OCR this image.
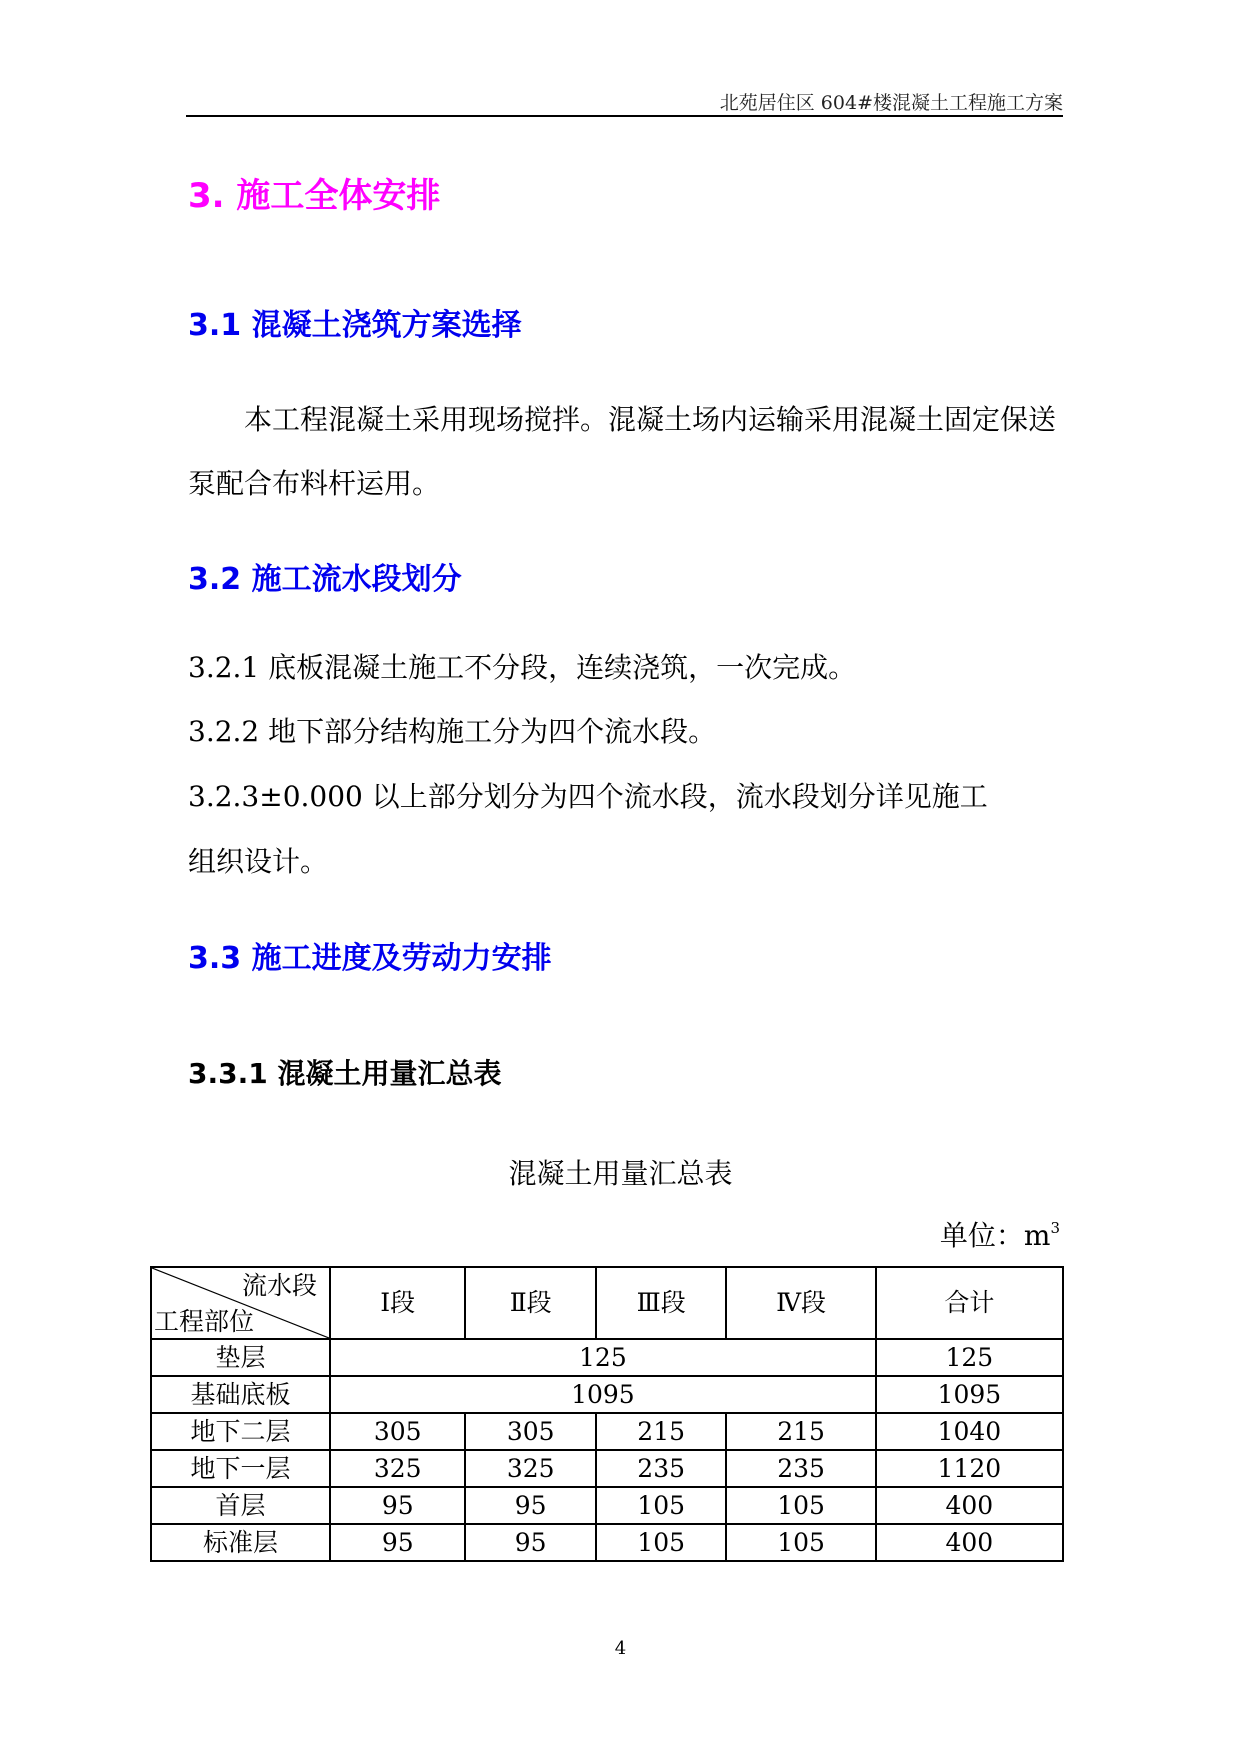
北苑居住区 604#楼混凝土工程施工方案
3. 施工全体安排
3.1 混凝土浇筑方案选择
本工程混凝土采用现场搅拌。混凝土场内运输采用混凝土固定保送泵配合布料杆运用。
3.2 施工流水段划分
3.2.1 底板混凝土施工不分段，连续浇筑，一次完成。
3.2.2 地下部分结构施工分为四个流水段。
3.2.3±0.000 以上部分划分为四个流水段，流水段划分详见施工
组织设计。
3.3 施工进度及劳动力安排
3.3.1 混凝土用量汇总表
混凝土用量汇总表
单位：$m^3$
流水段
工程部位	Ⅰ段	Ⅱ段	Ⅲ段	Ⅳ段	合计
垫层	125				125
基础底板	1095				1095
地下二层	305	305	215	215	1040
地下一层	325	325	235	235	1120
首层	95	95	105	105	400
标准层	95	95	105	105	400
4
